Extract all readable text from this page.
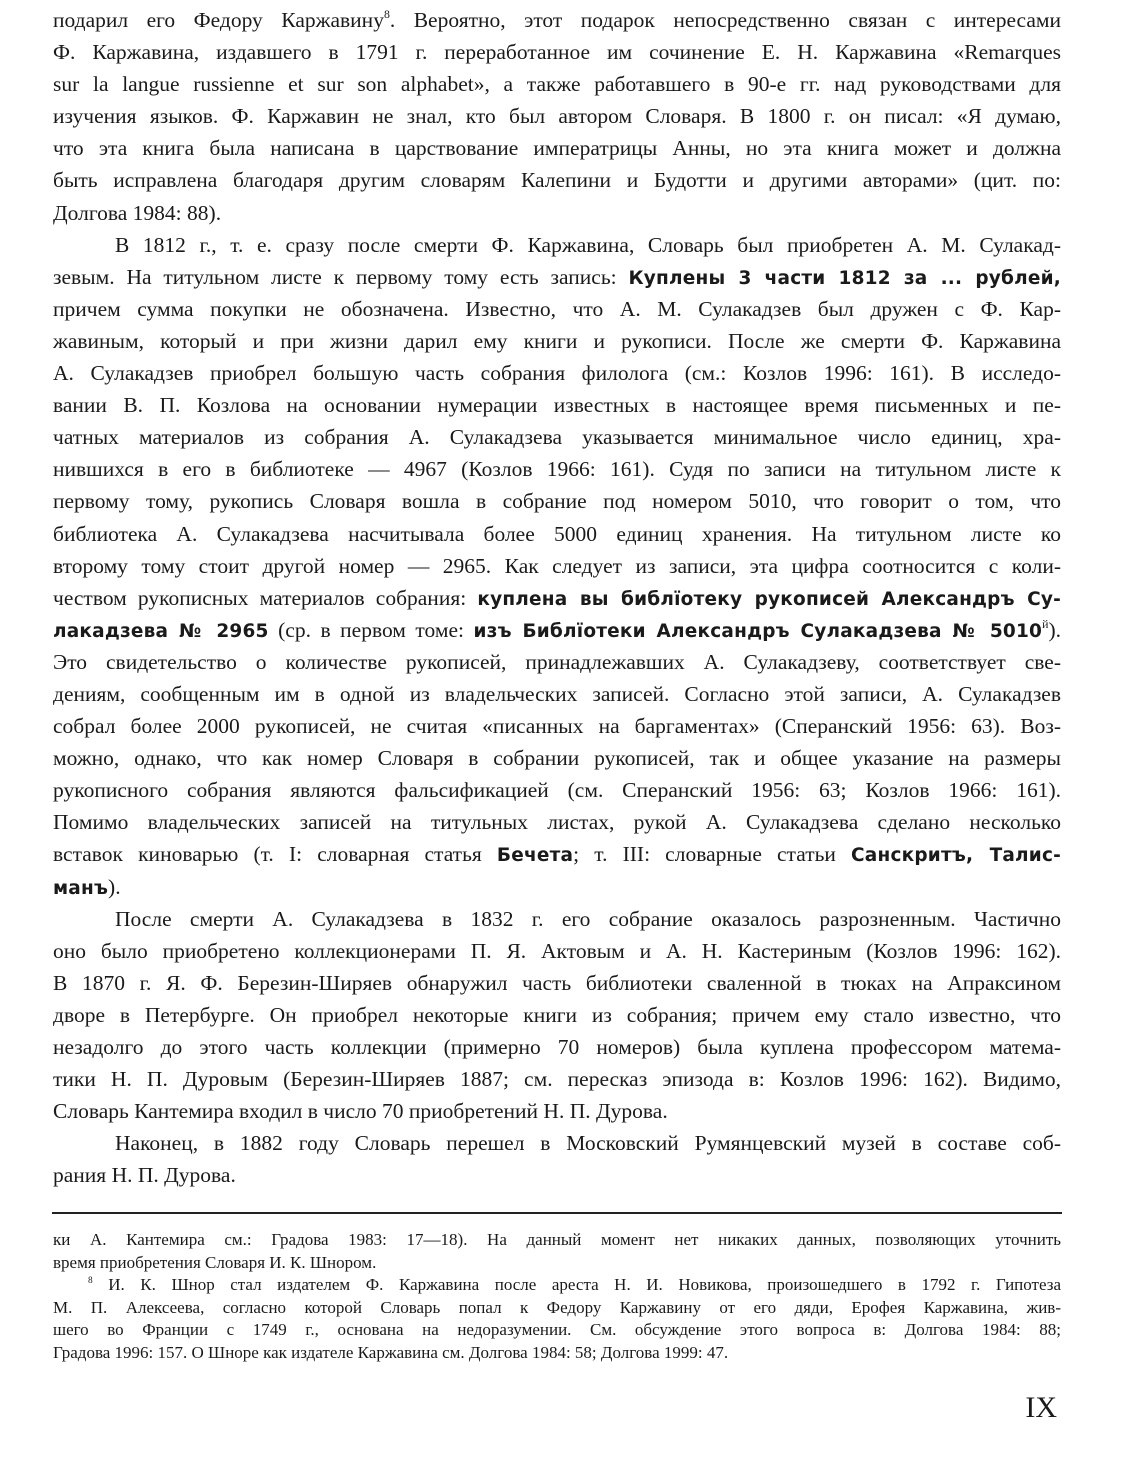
подарил его Федору Каржавину$^8$. Вероятно, этот подарок непосредственно связан с интересами
Ф. Каржавина, издавшего в 1791 г. переработанное им сочинение Е. Н. Каржавина «Remarques
sur la langue russienne et sur son alphabet», а также работавшего в 90-е гг. над руководствами для
изучения языков. Ф. Каржавин не знал, кто был автором Словаря. В 1800 г. он писал: «Я думаю,
что эта книга была написана в царствование императрицы Анны, но эта книга может и должна
быть исправлена благодаря другим словарям Калепини и Будотти и другими авторами» (цит. по:
Долгова 1984: 88).
В 1812 г., т. е. сразу после смерти Ф. Каржавина, Словарь был приобретен А. М. Сулакад-
зевым. На титульном листе к первому тому есть запись: Куплены 3 части 1812 за ... рублей,
причем сумма покупки не обозначена. Известно, что А. М. Сулакадзев был дружен с Ф. Кар-
жавиным, который и при жизни дарил ему книги и рукописи. После же смерти Ф. Каржавина
А. Сулакадзев приобрел большую часть собрания филолога (см.: Козлов 1996: 161). В исследо-
вании В. П. Козлова на основании нумерации известных в настоящее время письменных и пе-
чатных материалов из собрания А. Сулакадзева указывается минимальное число единиц, хра-
нившихся в его в библиотеке — 4967 (Козлов 1966: 161). Судя по записи на титульном листе к
первому тому, рукопись Словаря вошла в собрание под номером 5010, что говорит о том, что
библиотека А. Сулакадзева насчитывала более 5000 единиц хранения. На титульном листе ко
второму тому стоит другой номер — 2965. Как следует из записи, эта цифра соотносится с коли-
чеством рукописных материалов собрания: куплена вы библїотеку рукописей Александръ Су-
лакадзева № 2965 (ср. в первом томе: изъ Библїотеки Александръ Сулакадзева № $5010^й$).
Это свидетельство о количестве рукописей, принадлежавших А. Сулакадзеву, соответствует све-
дениям, сообщенным им в одной из владельческих записей. Согласно этой записи, А. Сулакадзев
собрал более 2000 рукописей, не считая «писанных на баргаментах» (Сперанский 1956: 63). Воз-
можно, однако, что как номер Словаря в собрании рукописей, так и общее указание на размеры
рукописного собрания являются фальсификацией (см. Сперанский 1956: 63; Козлов 1966: 161).
Помимо владельческих записей на титульных листах, рукой А. Сулакадзева сделано несколько
вставок киноварью (т. I: словарная статья Бечета; т. III: словарные статьи Санскритъ, Талис-
манъ).
После смерти А. Сулакадзева в 1832 г. его собрание оказалось разрозненным. Частично
оно было приобретено коллекционерами П. Я. Актовым и А. Н. Кастериным (Козлов 1996: 162).
В 1870 г. Я. Ф. Березин-Ширяев обнаружил часть библиотеки сваленной в тюках на Апраксином
дворе в Петербурге. Он приобрел некоторые книги из собрания; причем ему стало известно, что
незадолго до этого часть коллекции (примерно 70 номеров) была куплена профессором матема-
тики Н. П. Дуровым (Березин-Ширяев 1887; см. пересказ эпизода в: Козлов 1996: 162). Видимо,
Словарь Кантемира входил в число 70 приобретений Н. П. Дурова.
Наконец, в 1882 году Словарь перешел в Московский Румянцевский музей в составе соб-
рания Н. П. Дурова.
ки А. Кантемира см.: Градова 1983: 17—18). На данный момент нет никаких данных, позволяющих уточнить
время приобретения Словаря И. К. Шнором.
$^8$ И. К. Шнор стал издателем Ф. Каржавина после ареста Н. И. Новикова, произошедшего в 1792 г. Гипотеза
М. П. Алексеева, согласно которой Словарь попал к Федору Каржавину от его дяди, Ерофея Каржавина, жив-
шего во Франции с 1749 г., основана на недоразумении. См. обсуждение этого вопроса в: Долгова 1984: 88;
Градова 1996: 157. О Шноре как издателе Каржавина см. Долгова 1984: 58; Долгова 1999: 47.
IX
